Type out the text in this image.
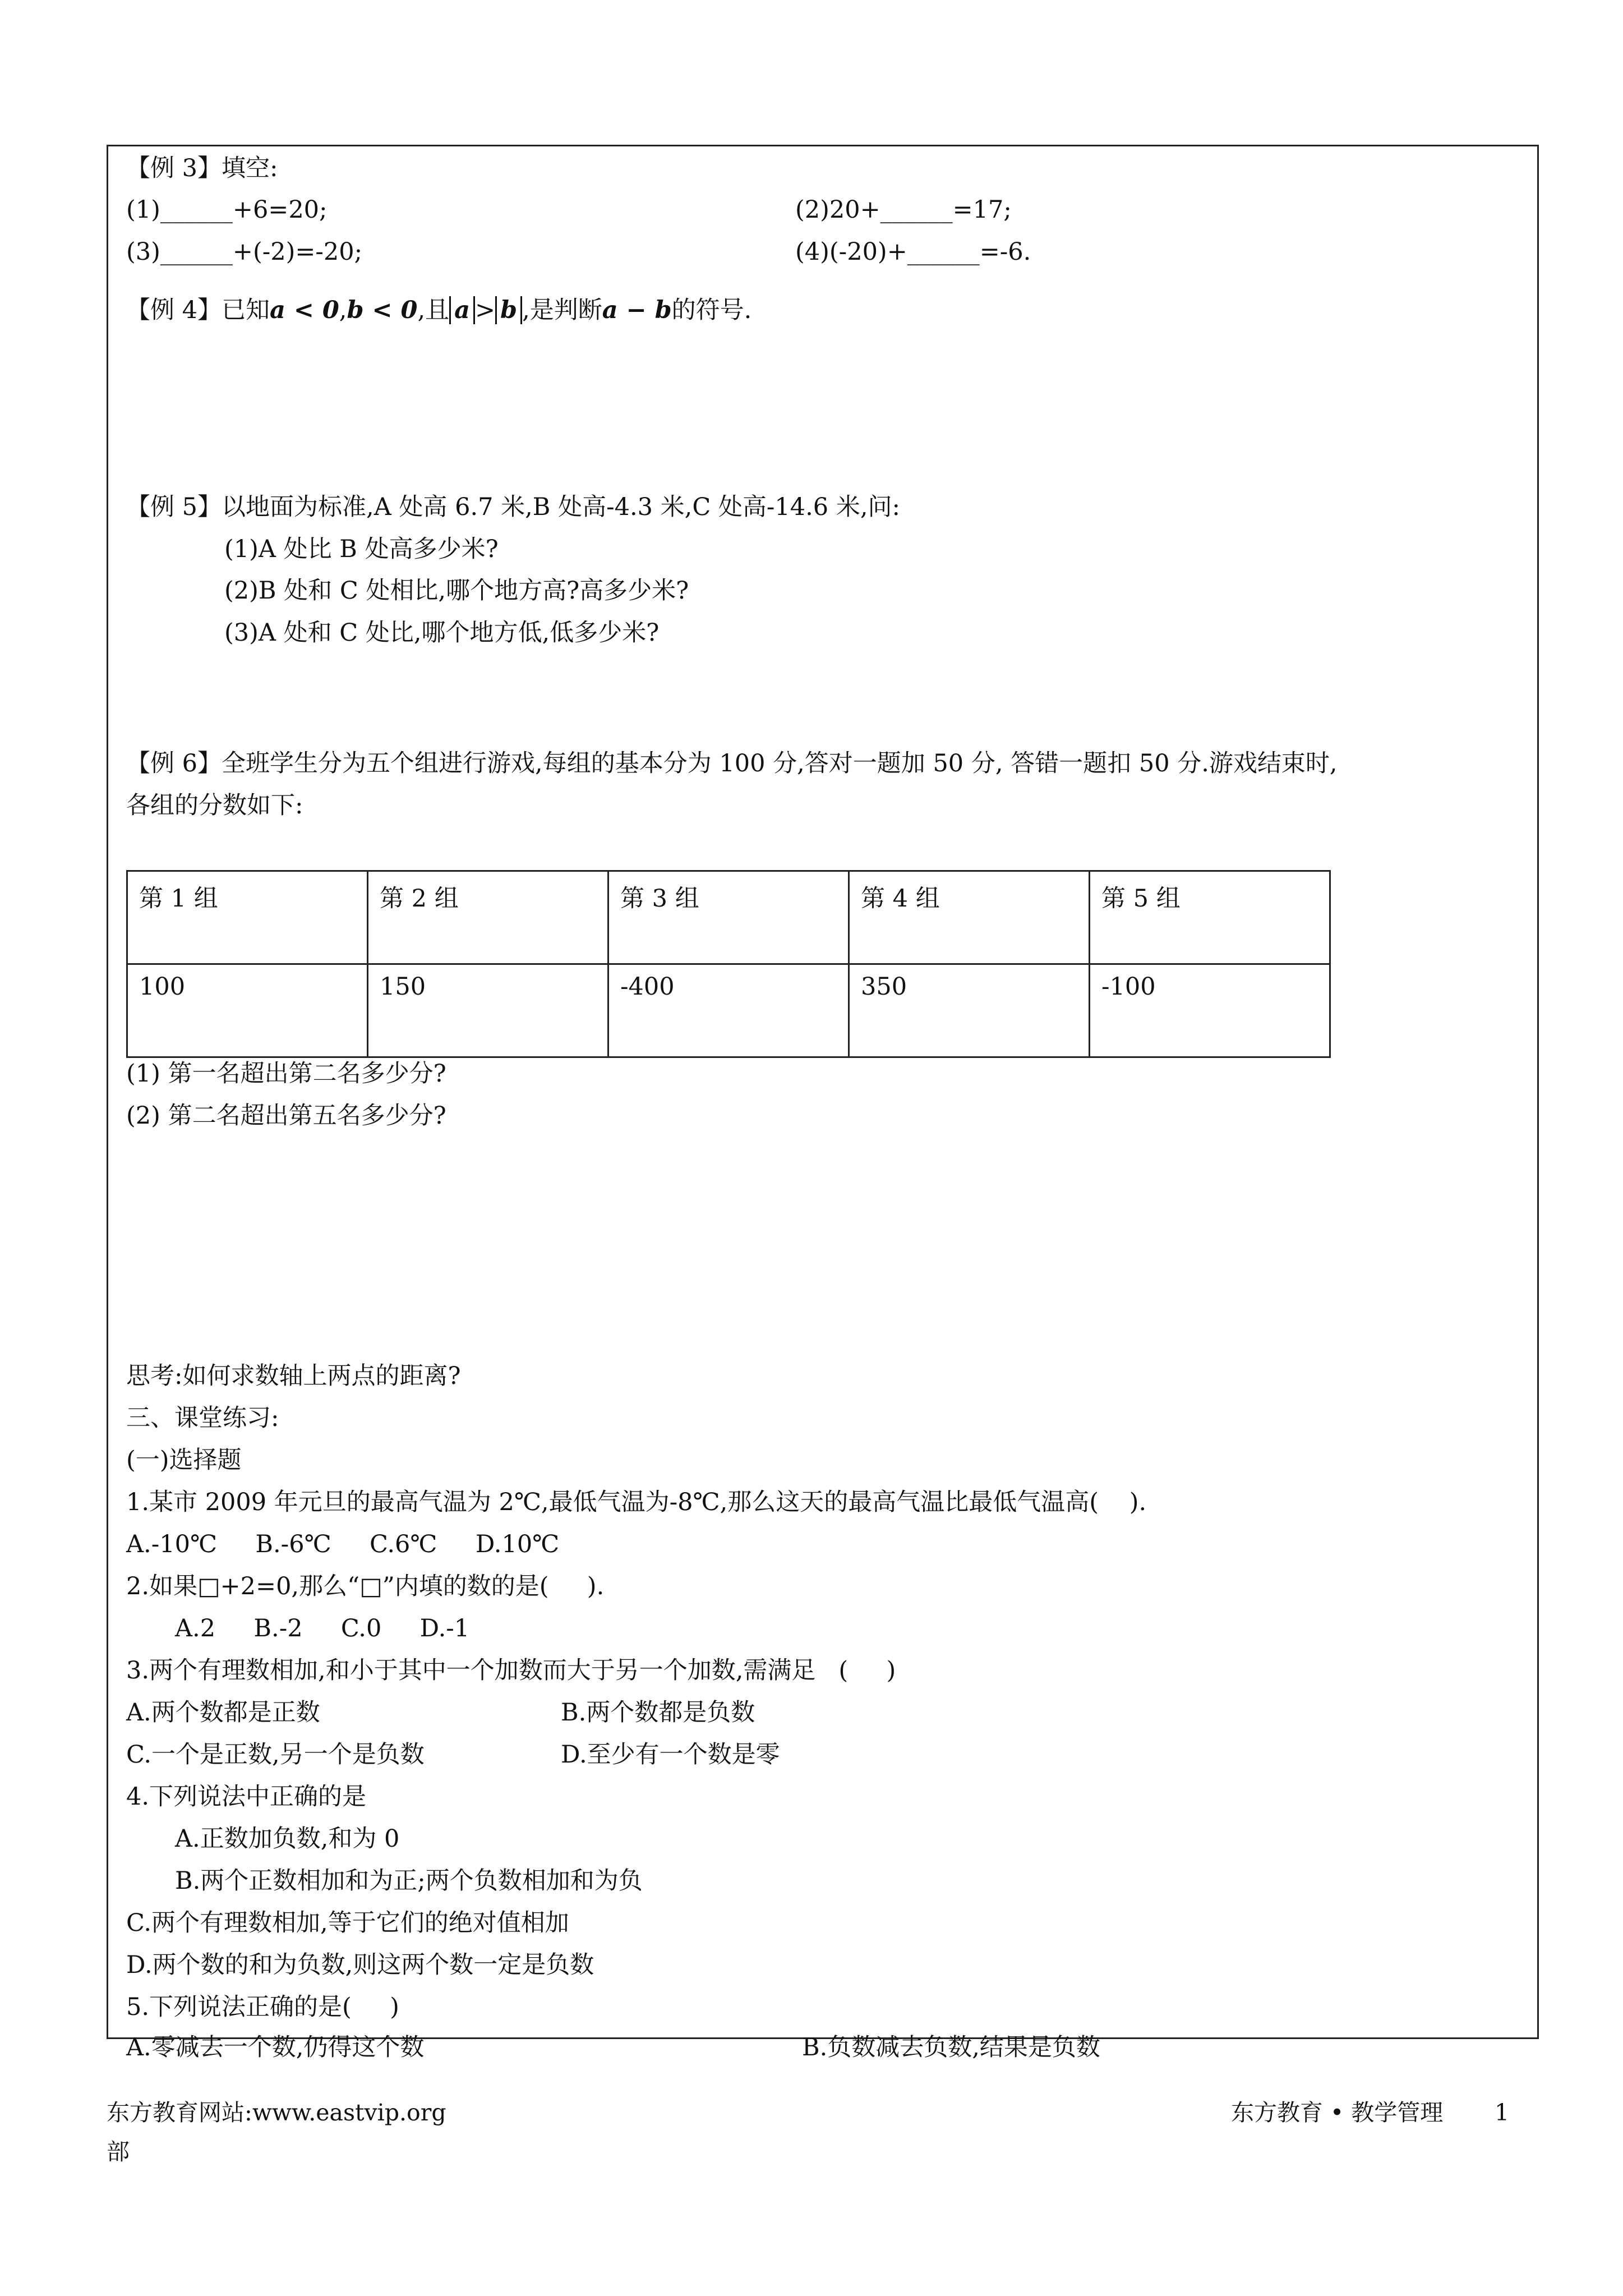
【例 3】填空:
(1)______+6=20;	(2)20+______=17;
(3)______+(-2)=-20;	(4)(-20)+______=-6.
【例 4】已知a < 0,b < 0,且 a > b ,是判断a − b的符号.
【例 5】以地面为标准,A 处高 6.7 米,B 处高-4.3 米,C 处高-14.6 米,问:
(1)A 处比 B 处高多少米?
(2)B 处和 C 处相比,哪个地方高?高多少米?
(3)A 处和 C 处比,哪个地方低,低多少米?
【例 6】全班学生分为五个组进行游戏,每组的基本分为 100 分,答对一题加 50 分, 答错一题扣 50 分.游戏结束时,
各组的分数如下:
第 1 组	第 2 组	第 3 组	第 4 组	第 5 组
100	150	-400	350	-100
(1) 第一名超出第二名多少分?
(2) 第二名超出第五名多少分?
思考:如何求数轴上两点的距离?
三、课堂练习:
(一)选择题
1.某市 2009 年元旦的最高气温为 2℃,最低气温为-8℃,那么这天的最高气温比最低气温高(    ).
A.-10℃     B.-6℃     C.6℃     D.10℃
2.如果□+2=0,那么“□”内填的数的是(     ).
A.2     B.-2     C.0     D.-1
3.两个有理数相加,和小于其中一个加数而大于另一个加数,需满足   (     )
A.两个数都是正数	B.两个数都是负数
C.一个是正数,另一个是负数	D.至少有一个数是零
4.下列说法中正确的是
A.正数加负数,和为 0
B.两个正数相加和为正;两个负数相加和为负
C.两个有理数相加,等于它们的绝对值相加
D.两个数的和为负数,则这两个数一定是负数
5.下列说法正确的是(     )
A.零减去一个数,仍得这个数	B.负数减去负数,结果是负数
东方教育网站:www.eastvip.org
部
东方教育 • 教学管理 1
